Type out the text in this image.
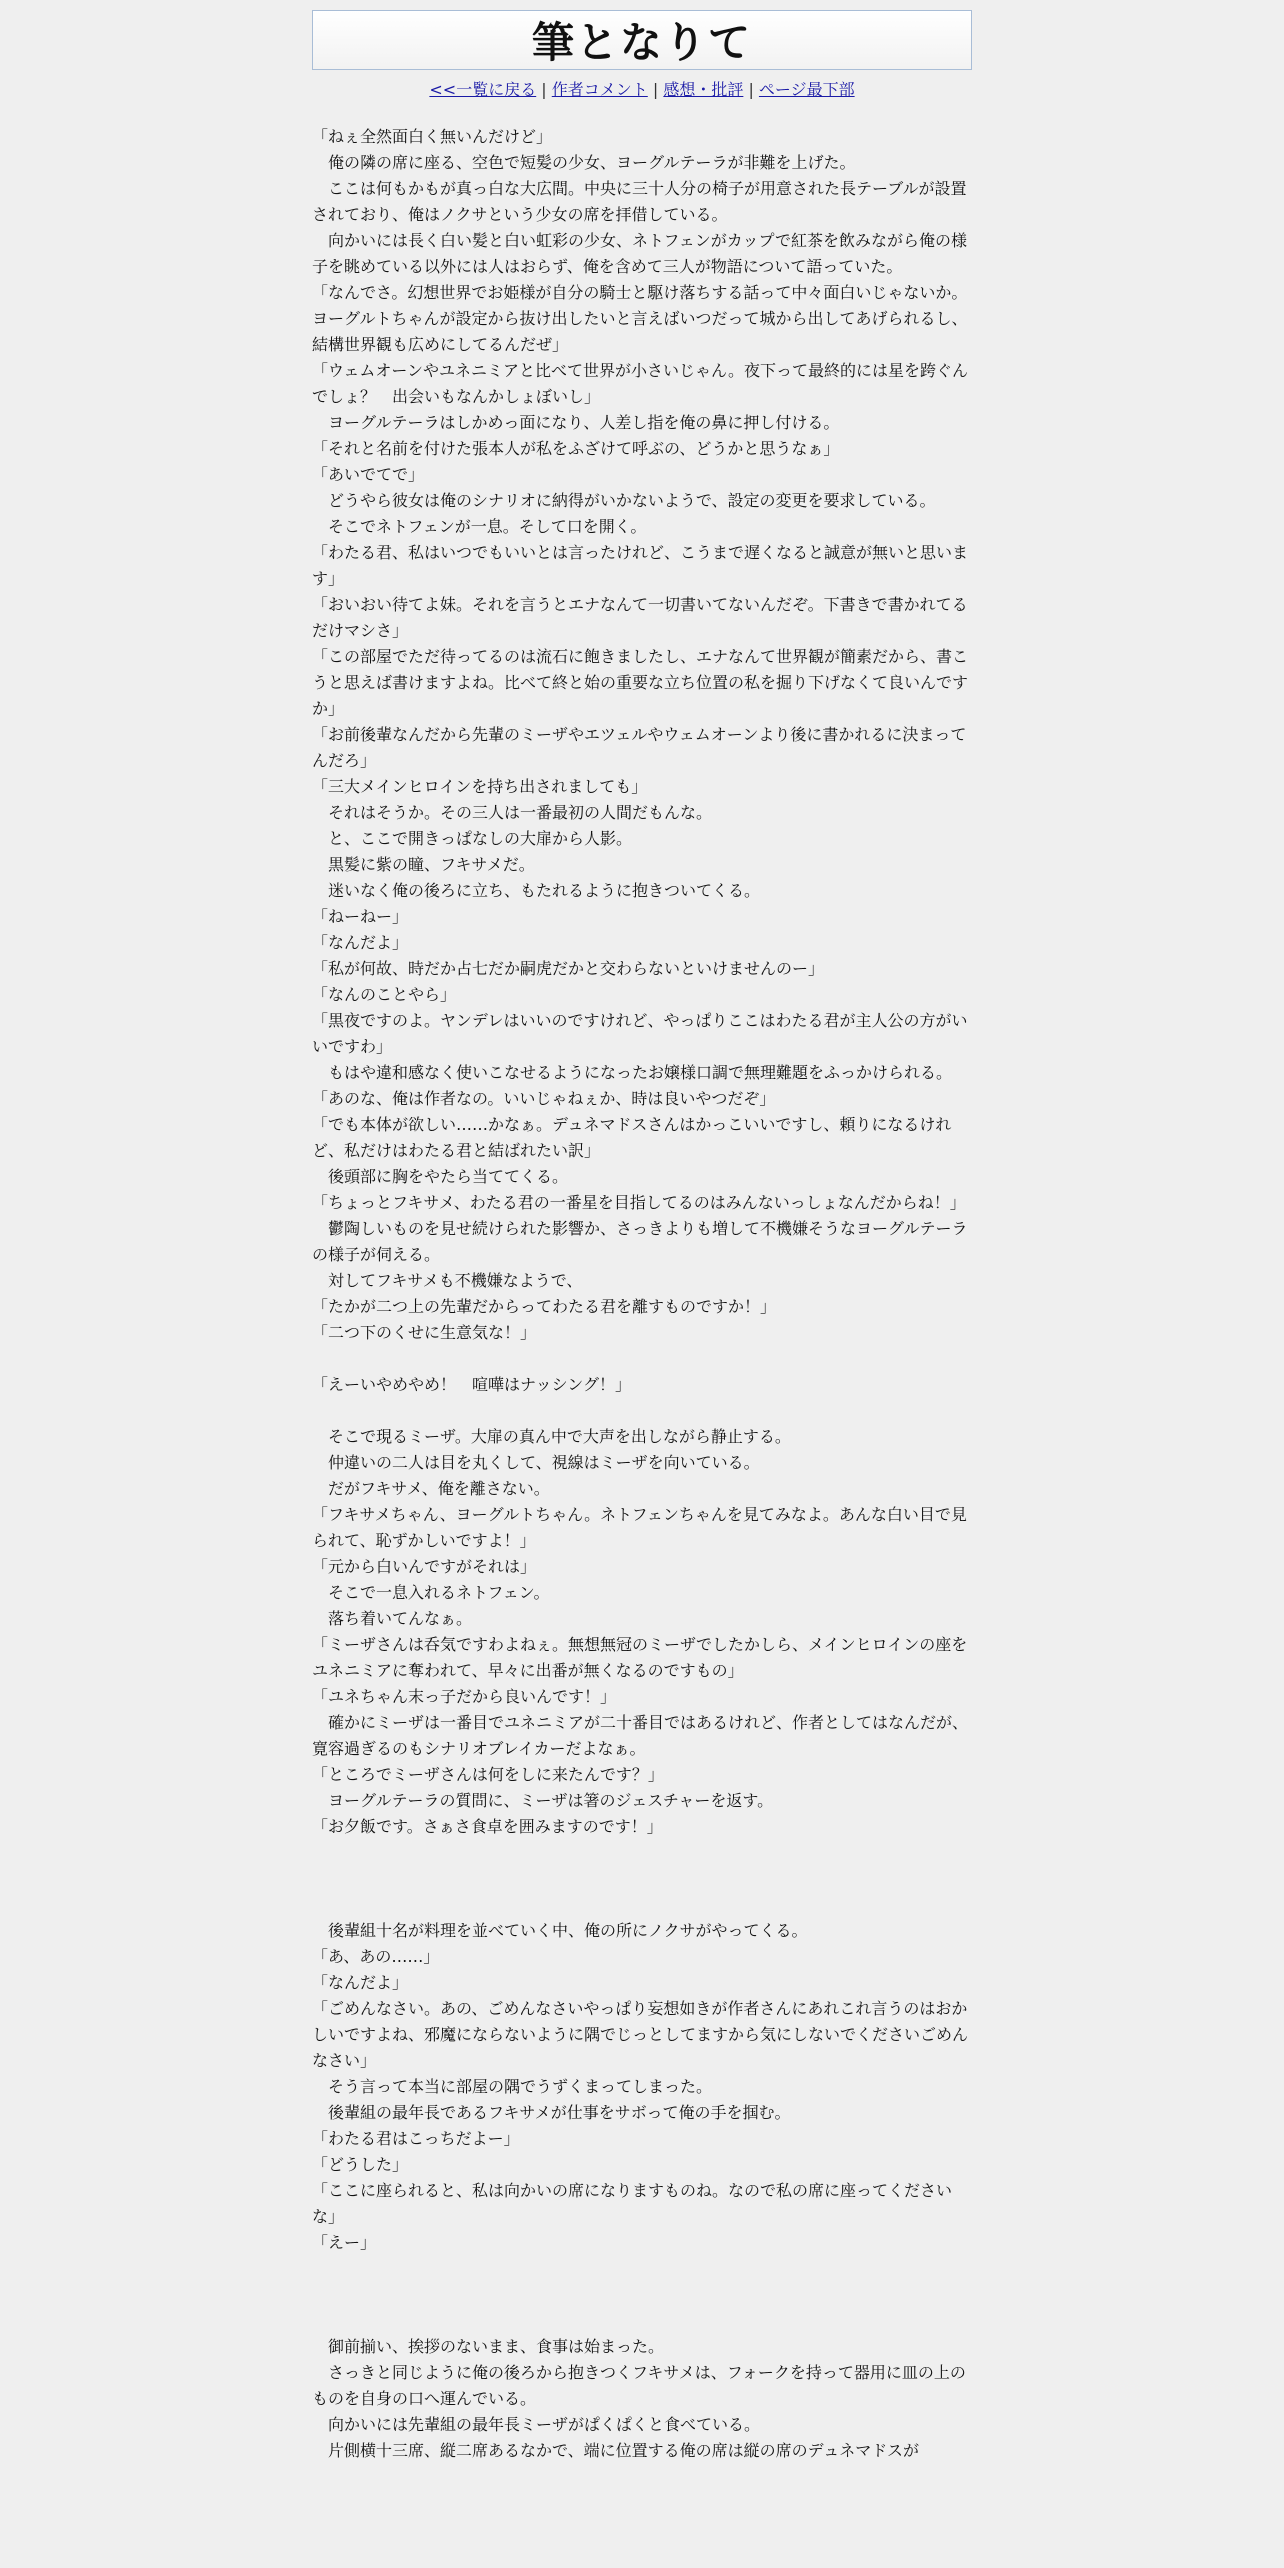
筆となりて
<<一覧に戻る | 作者コメント | 感想・批評 | ページ最下部

「ねぇ全然面白く無いんだけど」

　俺の隣の席に座る、空色で短髪の少女、ヨーグルテーラが非難を上げた。

　ここは何もかもが真っ白な大広間。中央に三十人分の椅子が用意された長テーブルが設置されており、俺はノクサという少女の席を拝借している。

　向かいには長く白い髪と白い虹彩の少女、ネトフェンがカップで紅茶を飲みながら俺の様子を眺めている以外には人はおらず、俺を含めて三人が物語について語っていた。

「なんでさ。幻想世界でお姫様が自分の騎士と駆け落ちする話って中々面白いじゃないか。ヨーグルトちゃんが設定から抜け出したいと言えばいつだって城から出してあげられるし、結構世界観も広めにしてるんだぜ」

「ウェムオーンやユネニミアと比べて世界が小さいじゃん。夜下って最終的には星を跨ぐんでしょ？　出会いもなんかしょぼいし」

　ヨーグルテーラはしかめっ面になり、人差し指を俺の鼻に押し付ける。

「それと名前を付けた張本人が私をふざけて呼ぶの、どうかと思うなぁ」

「あいでてで」

　どうやら彼女は俺のシナリオに納得がいかないようで、設定の変更を要求している。

　そこでネトフェンが一息。そして口を開く。

「わたる君、私はいつでもいいとは言ったけれど、こうまで遅くなると誠意が無いと思います」

「おいおい待てよ妹。それを言うとエナなんて一切書いてないんだぞ。下書きで書かれてるだけマシさ」

「この部屋でただ待ってるのは流石に飽きましたし、エナなんて世界観が簡素だから、書こうと思えば書けますよね。比べて終と始の重要な立ち位置の私を掘り下げなくて良いんですか」

「お前後輩なんだから先輩のミーザやエツェルやウェムオーンより後に書かれるに決まってんだろ」

「三大メインヒロインを持ち出されましても」

　それはそうか。その三人は一番最初の人間だもんな。

　と、ここで開きっぱなしの大扉から人影。

　黒髪に紫の瞳、フキサメだ。

　迷いなく俺の後ろに立ち、もたれるように抱きついてくる。

「ねーねー」

「なんだよ」

「私が何故、時だか占七だか嗣虎だかと交わらないといけませんのー」

「なんのことやら」

「黒夜ですのよ。ヤンデレはいいのですけれど、やっぱりここはわたる君が主人公の方がいいですわ」

　もはや違和感なく使いこなせるようになったお嬢様口調で無理難題をふっかけられる。

「あのな、俺は作者なの。いいじゃねぇか、時は良いやつだぞ」

「でも本体が欲しい……かなぁ。デュネマドスさんはかっこいいですし、頼りになるけれど、私だけはわたる君と結ばれたい訳」

　後頭部に胸をやたら当ててくる。

「ちょっとフキサメ、わたる君の一番星を目指してるのはみんないっしょなんだからね！」

　鬱陶しいものを見せ続けられた影響か、さっきよりも増して不機嫌そうなヨーグルテーラの様子が伺える。

　対してフキサメも不機嫌なようで、

「たかが二つ上の先輩だからってわたる君を離すものですか！」

「二つ下のくせに生意気な！」

「えーいやめやめ！　喧嘩はナッシング！」

　そこで現るミーザ。大扉の真ん中で大声を出しながら静止する。

　仲違いの二人は目を丸くして、視線はミーザを向いている。

　だがフキサメ、俺を離さない。

「フキサメちゃん、ヨーグルトちゃん。ネトフェンちゃんを見てみなよ。あんな白い目で見られて、恥ずかしいですよ！」

「元から白いんですがそれは」

　そこで一息入れるネトフェン。

　落ち着いてんなぁ。

「ミーザさんは呑気ですわよねぇ。無想無冠のミーザでしたかしら、メインヒロインの座をユネニミアに奪われて、早々に出番が無くなるのですもの」

「ユネちゃん末っ子だから良いんです！」

　確かにミーザは一番目でユネニミアが二十番目ではあるけれど、作者としてはなんだが、寛容過ぎるのもシナリオブレイカーだよなぁ。

「ところでミーザさんは何をしに来たんです？」

　ヨーグルテーラの質問に、ミーザは箸のジェスチャーを返す。

「お夕飯です。さぁさ食卓を囲みますのです！」

　後輩組十名が料理を並べていく中、俺の所にノクサがやってくる。

「あ、あの……」

「なんだよ」

「ごめんなさい。あの、ごめんなさいやっぱり妄想如きが作者さんにあれこれ言うのはおかしいですよね、邪魔にならないように隅でじっとしてますから気にしないでくださいごめんなさい」

　そう言って本当に部屋の隅でうずくまってしまった。

　後輩組の最年長であるフキサメが仕事をサボって俺の手を掴む。

「わたる君はこっちだよー」

「どうした」

「ここに座られると、私は向かいの席になりますものね。なので私の席に座ってくださいな」

「えー」

　御前揃い、挨拶のないまま、食事は始まった。

　さっきと同じように俺の後ろから抱きつくフキサメは、フォークを持って器用に皿の上のものを自身の口へ運んでいる。

　向かいには先輩組の最年長ミーザがぱくぱくと食べている。

　片側横十三席、縦二席あるなかで、端に位置する俺の席は縦の席のデュネマドスが
